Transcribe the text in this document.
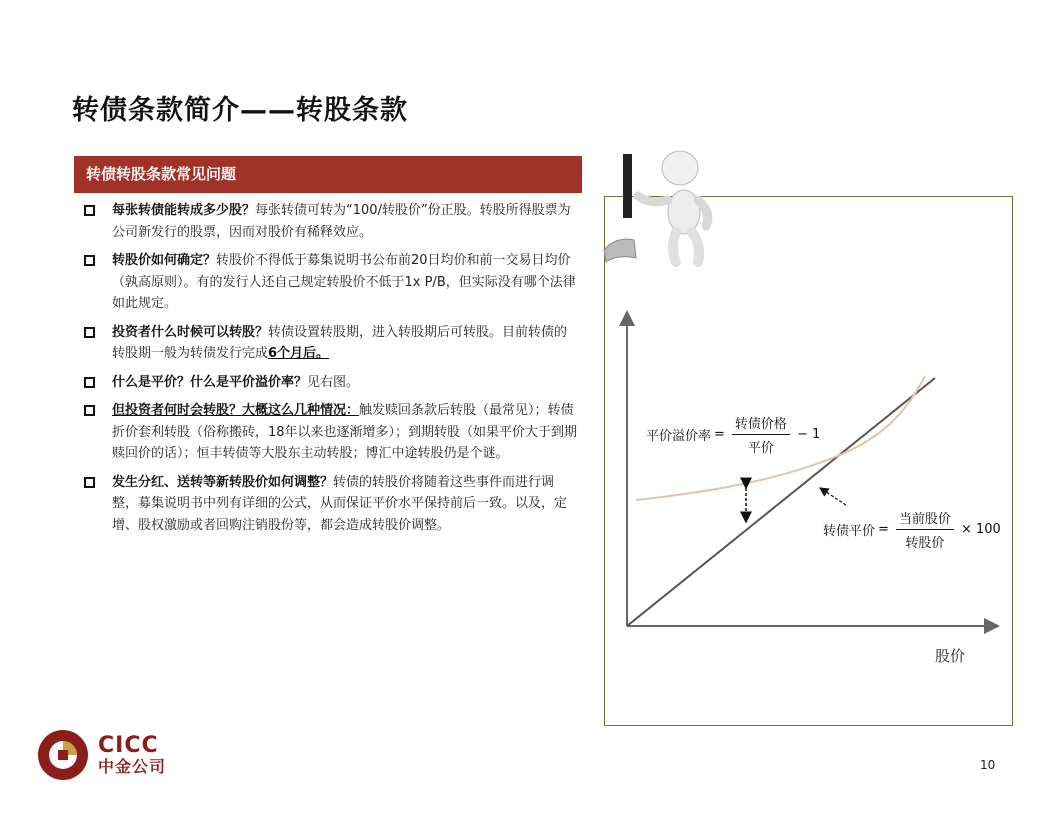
转债条款简介——转股条款
转债转股条款常见问题
每张转债能转成多少股？每张转债可转为“100/转股价”份正股。转股所得股票为公司新发行的股票，因而对股价有稀释效应。
转股价如何确定？转股价不得低于募集说明书公布前20日均价和前一交易日均价（孰高原则）。有的发行人还自己规定转股价不低于1x P/B，但实际没有哪个法律如此规定。
投资者什么时候可以转股？转债设置转股期，进入转股期后可转股。目前转债的转股期一般为转债发行完成6个月后。
什么是平价？什么是平价溢价率？见右图。
但投资者何时会转股？大概这么几种情况：触发赎回条款后转股（最常见）；转债折价套利转股（俗称搬砖，18年以来也逐渐增多）；到期转股（如果平价大于到期赎回价的话）；恒丰转债等大股东主动转股；博汇中途转股仍是个谜。
发生分红、送转等新转股价如何调整？转债的转股价将随着这些事件而进行调整，募集说明书中列有详细的公式，从而保证平价水平保持前后一致。以及，定增、股权激励或者回购注销股份等，都会造成转股价调整。
平价溢价率 = $\frac{\text{转债价格}}{\text{平价}} - 1$
转债平价 = $\frac{\text{当前股价}}{\text{转股价}} \times 100$
股价
CICC
中金公司	10
